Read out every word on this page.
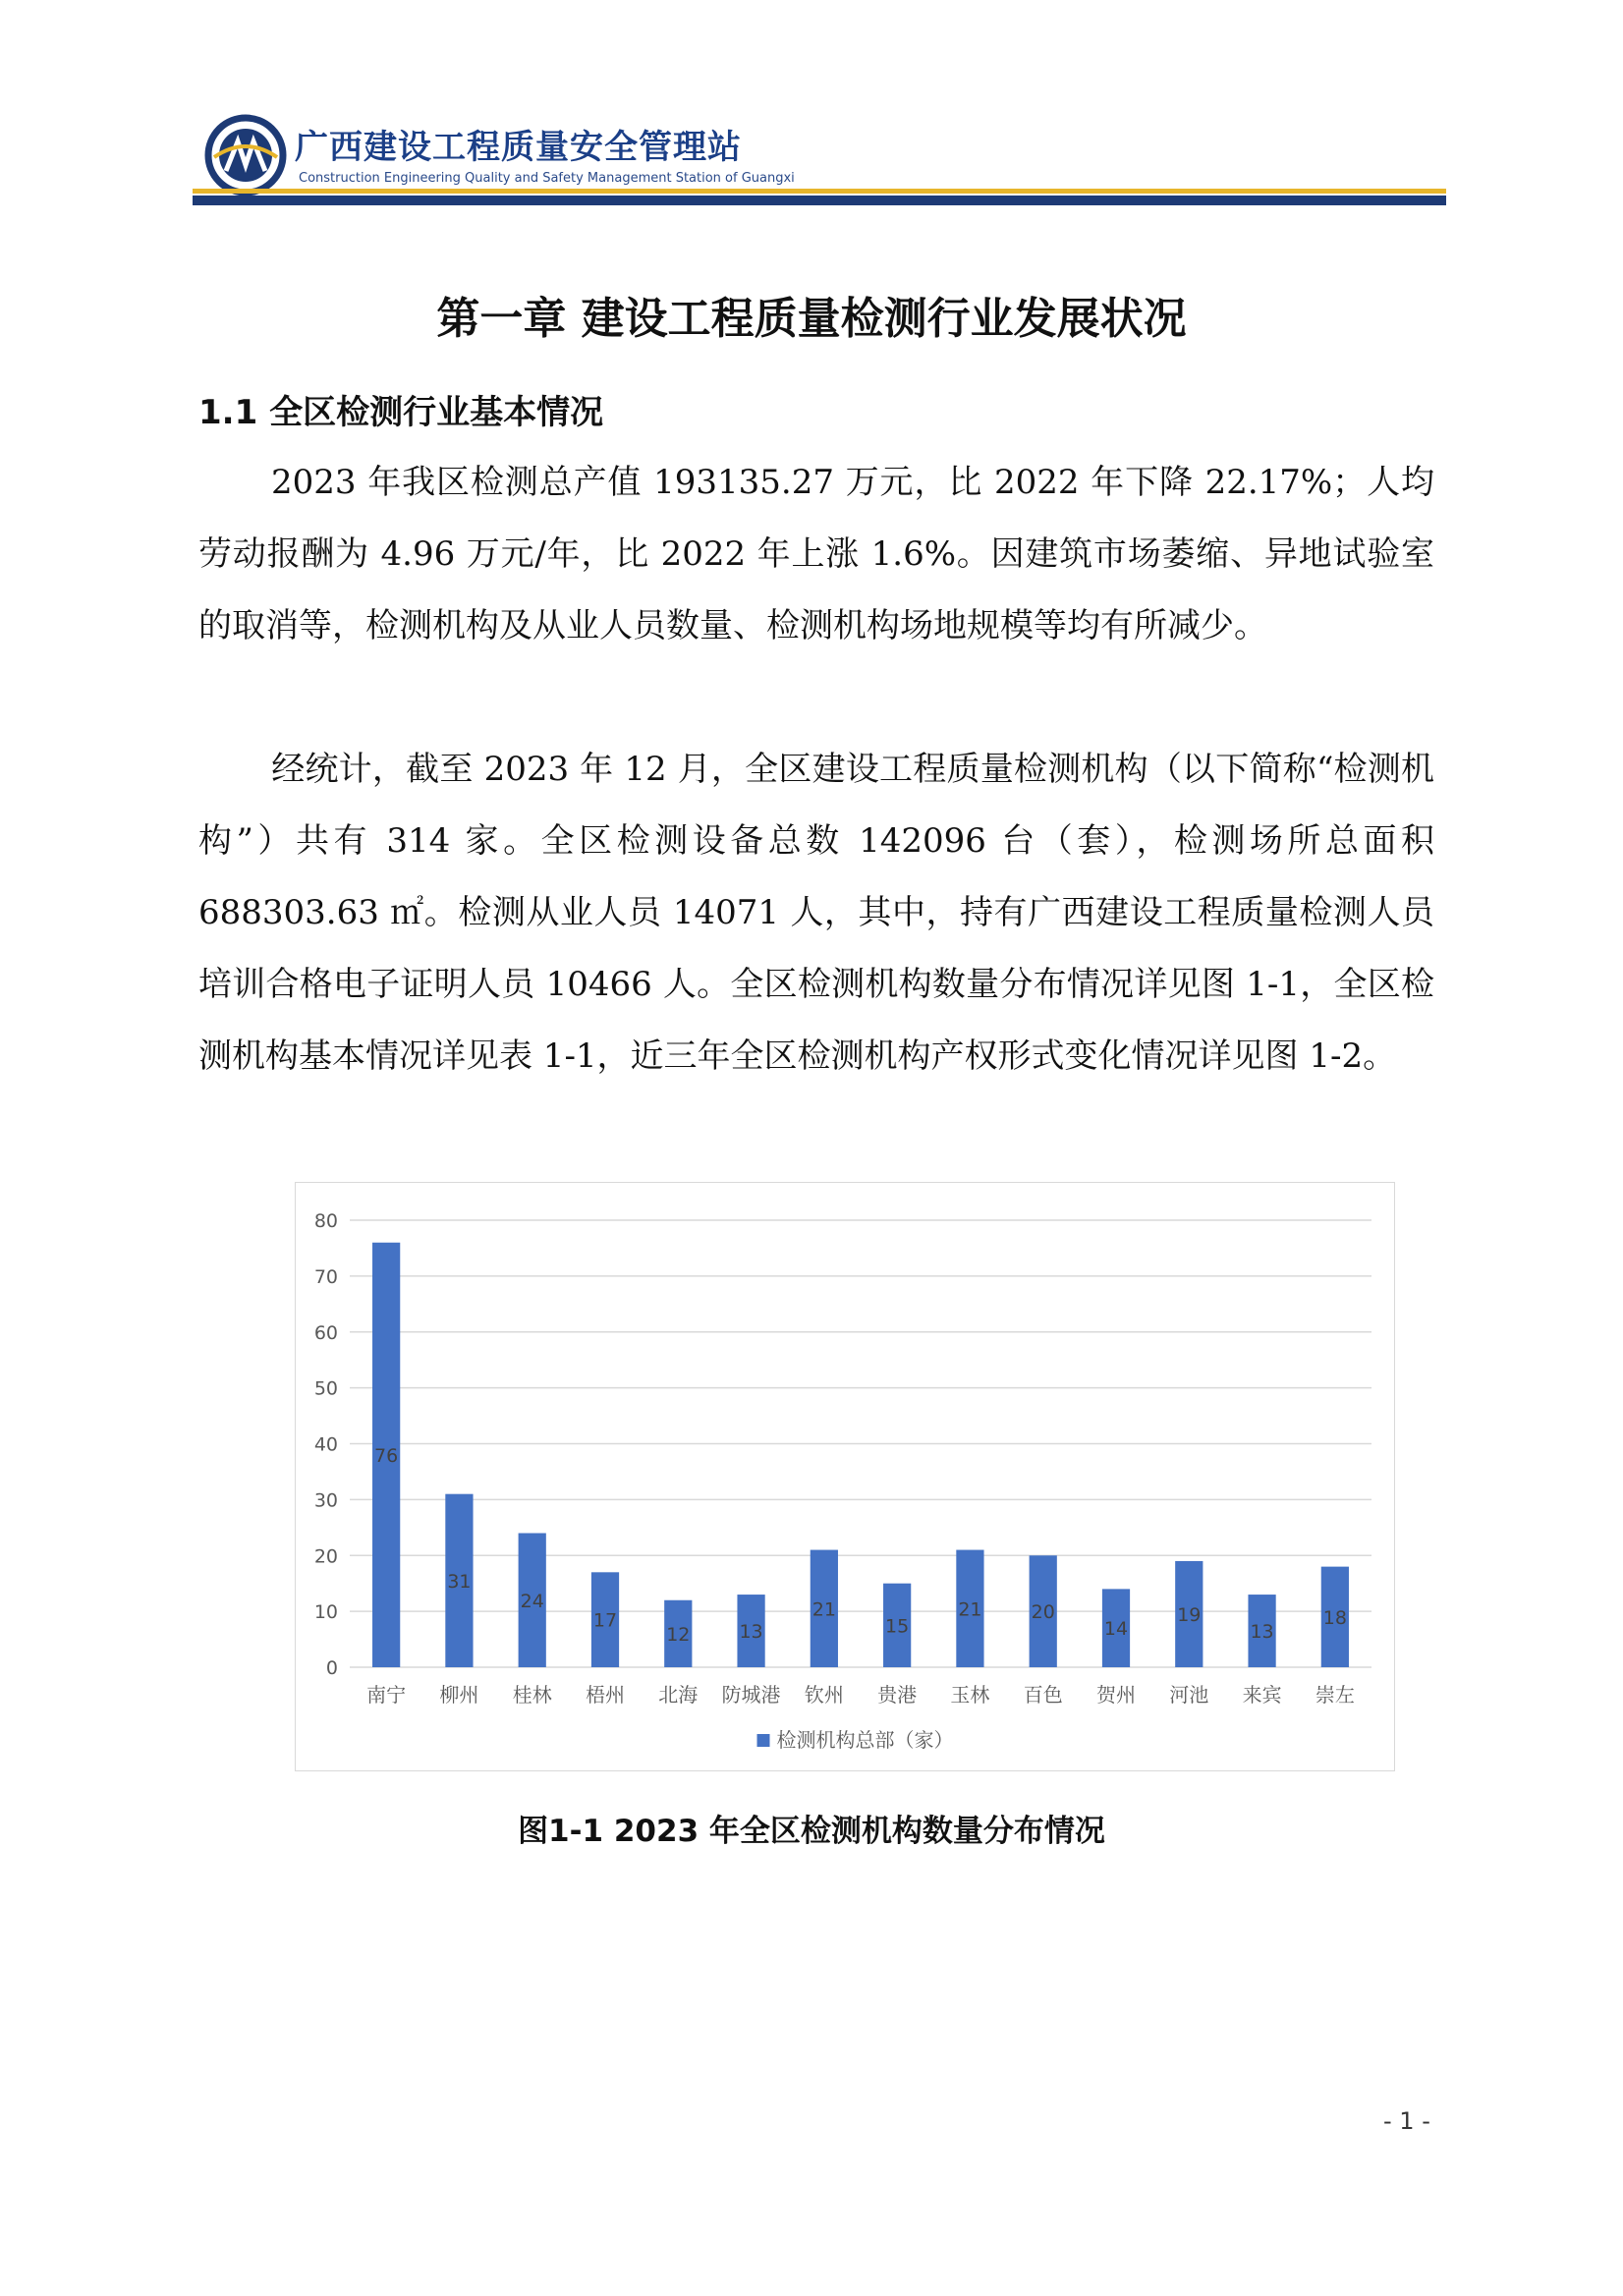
广西建设工程质量安全管理站
Construction Engineering Quality and Safety Management Station of Guangxi
第一章 建设工程质量检测行业发展状况
1.1 全区检测行业基本情况

2023 年我区检测总产值 193135.27 万元，比 2022 年下降 22.17%；人均劳动报酬为 4.96 万元/年，比 2022 年上涨 1.6%。因建筑市场萎缩、异地试验室的取消等，检测机构及从业人员数量、检测机构场地规模等均有所减少。

经统计，截至 2023 年 12 月，全区建设工程质量检测机构（以下简称“检测机构”）共有 314 家。全区检测设备总数 142096 台（套），检测场所总面积 688303.63 ㎡。检测从业人员 14071 人，其中，持有广西建设工程质量检测人员培训合格电子证明人员 10466 人。全区检测机构数量分布情况详见图 1-1，全区检测机构基本情况详见表 1-1，近三年全区检测机构产权形式变化情况详见图 1-2。

0
10
20
30
40
50
60
70
80
76
南宁
31
柳州
24
桂林
17
梧州
12
北海
13
防城港
21
钦州
15
贵港
21
玉林
20
百色
14
贺州
19
河池
13
来宾
18
崇左
检测机构总部（家）
图1-1 2023 年全区检测机构数量分布情况
- 1 -
